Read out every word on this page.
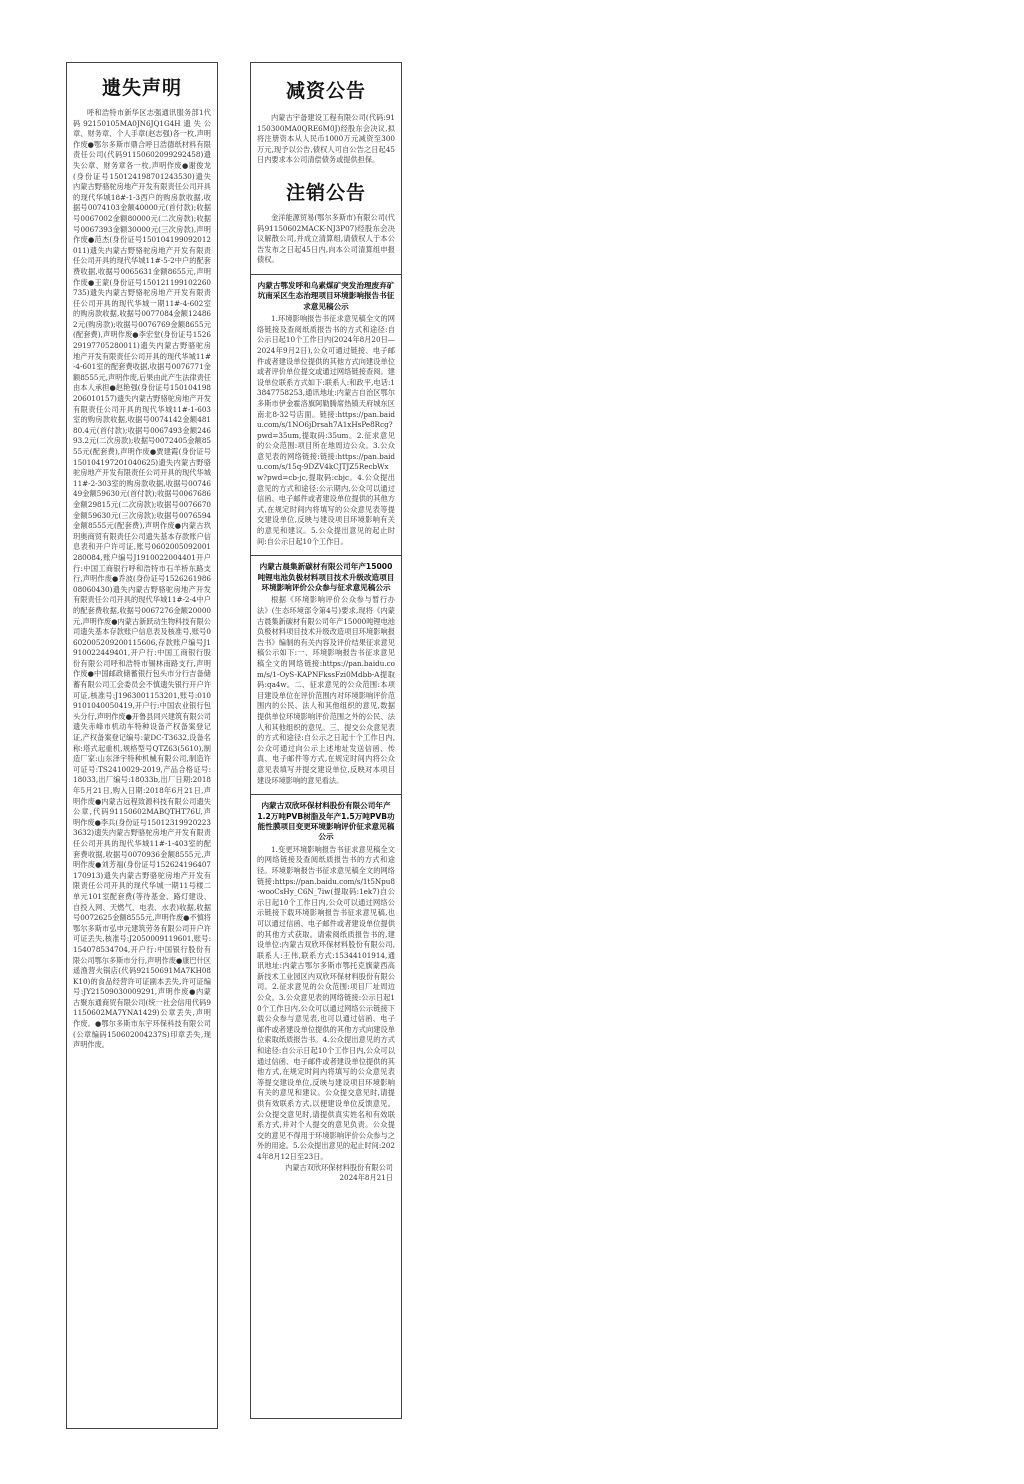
遗失声明

呼和浩特市新华区志强通讯服务部1代码92150105MA0JN6JQ1G4H遗失公章、财务章、个人手章(赵志强)各一枚,声明作废●鄂尔多斯市鼎合呼日浩德纸材料有限责任公司(代码91150602099292458)遗失公章、财务章各一枚,声明作废●谢俊龙(身份证号150124198701243530)遗失内蒙古野骆驼房地产开发有限责任公司开具的现代华城18#-1-3西户的购房款收据,收据号0074103金额40000元(首付款);收据号0067002金额80000元(二次房款);收据号0067393金额30000元(三次房款),声明作废●范杰(身份证号150104199092012011)遗失内蒙古野骆驼房地产开发有限责任公司开具的现代华城11#-5-2中户的配套费收据,收据号0065631金额8655元,声明作废●王蒙(身份证号150121199102260735)遗失内蒙古野骆驼房地产开发有限责任公司开具的现代华城一期11#-4-602室的购房款收据,收据号0077084金额124862元(购房款);收据号0076769金额8655元(配套费),声明作废●李宏堂(身份证号152629197705280011)遗失内蒙古野骆驼房地产开发有限责任公司开具的现代华城11#-4-601室的配套费收据,收据号0076771金额8555元,声明作废,后果由此产生法律责任由本人承担●赵艳强(身份证号150104198206010157)遗失内蒙古野骆驼房地产开发有限责任公司开具的现代华城11#-1-603室的购房款收据,收据号0074142金额48180.4元(首付款);收据号0067493金额24693.2元(二次房款);收据号0072405金额8555元(配套费),声明作废●贾建霞(身份证号150104197201040625)遗失内蒙古野骆驼房地产开发有限责任公司开具的现代华城11#-2-303室的购房款收据,收据号0074649金额59630元(首付款);收据号0067686金额29815元(二次房款);收据号0076670金额59630元(三次房款);收据号0076594金额8555元(配套费),声明作废●内蒙古玖玥奥商贸有限责任公司遗失基本存款账户信息表和开户许可证,账号0602005092001280084,账户编号J1910022004401开户行:中国工商银行呼和浩特市石羊桥东路支行,声明作废●乔波(身份证号152626198608060430)遗失内蒙古野骆驼房地产开发有限责任公司开具的现代华城11#-2-4中户的配套费收据,收据号0067276金额20000元,声明作废●内蒙古新跃动生物科技有限公司遗失基本存款账户信息表及核准号,账号0602005209200115606,存款账户编号J1910022449401,开户行:中国工商银行股份有限公司呼和浩特市锡林南路支行,声明作废●中国邮政储蓄银行包头市分行吉备储蓄有限公司工会委员会不慎遗失银行开户许可证,核准号:J1963001153201,账号:0109101040050419,开户行:中国农业银行包头分行,声明作废●开鲁县同兴建筑有限公司遗失赤峰市机动车特种设备产权备案登记证,产权备案登记编号:蒙DC-T3632,设备名称:塔式起重机,规格型号QTZ63(5610),制造厂家:山东泽宇特种机械有限公司,制造许可证号:TS2410029-2019,产品合格证号:18033,出厂编号:18033b,出厂日期:2018年5月21日,购入日期:2018年6月21日,声明作废●内蒙古远程致源科技有限公司遗失公章,代码91150602MABQTHT76U,声明作废●李兵(身份证号150123199202233632)遗失内蒙古野骆驼房地产开发有限责任公司开具的现代华城11#-1-403室的配套费收据,收据号0070936金额8555元,声明作废●刘芳福(身份证号152624196407170913)遗失内蒙古野骆驼房地产开发有限责任公司开具的现代华城一期11号楼二单元101室配套费(等待基金、路灯建设、自投入网、天燃气、电表、水表)收据,收据号0072625金额8555元,声明作废●不慎将鄂尔多斯市弘申元建筑劳务有限公司开户许可证丢失,核准号:J2050009119601,账号:154078534704,开户行:中国银行股份有限公司鄂尔多斯市分行,声明作废●康巴什区遥渔营火锅店(代码92150691MA7KH08K10)的食品经营许可证副本丢失,许可证编号:JY21509030009291,声明作废●内蒙古聚东通商贸有限公司(统一社会信用代码91150602MA7YNA1429)公章丢失,声明作废。●鄂尔多斯市东宇环保科技有限公司(公章编码150602004237S)印章丢失,现声明作废。

减资公告

内蒙古宇备建设工程有限公司(代码:91150300MA0QRE6M0J)经股东会决议,拟将注册资本从人民币1000万元减资至300万元,现予以公告,债权人可自公告之日起45日内要求本公司清偿债务或提供担保。

注销公告

金洋能源贸易(鄂尔多斯市)有限公司(代码91150602MACK-NJ3P07)经股东会决议解散公司,并成立清算组,请债权人于本公告发布之日起45日内,向本公司清算组申报债权。

内蒙古鄂发呼和乌素煤矿突发治理废弃矿坑南采区生态治理项目环境影响报告书征求意见稿公示

1.环境影响报告书征求意见稿全文的网络链接及查阅纸质报告书的方式和途径:自公示日起10个工作日内(2024年8月20日—2024年9月2日),公众可通过链接、电子邮件或者建设单位提供的其他方式向建设单位或者评价单位提交或通过网络链接查阅。建设单位联系方式如下:联系人:和政平,电话:13847758253,通讯地址:内蒙古自治区鄂尔多斯市伊金霍洛旗阿勒腾席热镇天府城东区南北8-32号店面。链接:https://pan.baidu.com/s/1NO6jDrsah7A1xHsPe8Rcg?pwd=35um,提取码:35um。2.征求意见的公众范围:项目所在地周边公众。3.公众意见表的网络链接:链接:https://pan.baidu.com/s/15q-9DZV4kCJTJZ5RecbWxw?pwd=cb-jc,提取码:cbjc。4.公众提出意见的方式和途径:公示期内,公众可以通过信函、电子邮件或者建设单位提供的其他方式,在规定时间内将填写的公众意见表等提交建设单位,反映与建设项目环境影响有关的意见和建议。5.公众提出意见的起止时间:自公示日起10个工作日。

内蒙古晨集新碳材有限公司年产15000吨锂电池负极材料项目技术升级改造项目环境影响评价公众参与征求意见稿公示

根据《环境影响评价公众参与暂行办法》(生态环境部令第4号)要求,现将《内蒙古晨集新碳材有限公司年产15000吨锂电池负极材料项目技术升级改造项目环境影响报告书》编制的有关内容及评价结果征求意见稿公示如下:一、环境影响报告书征求意见稿全文的网络链接:https://pan.baidu.com/s/1-OyS-KAPNFkssFzi0Mdbb-A提取码:qa4w。二、征求意见的公众范围:本项目建设单位在评价范围内对环境影响评价范围内的公民、法人和其他组织的意见,数据提供单位环境影响评价范围之外的公民、法人和其他组织的意见。三、提交公众意见表的方式和途径:自公示之日起十个工作日内,公众可通过向公示上述地址发送信函、传真、电子邮件等方式,在规定时间内将公众意见表填写并提交建设单位,反映对本项目建设环境影响的意见看法。

内蒙古双欣环保材料股份有限公司年产1.2万吨PVB树脂及年产1.5万吨PVB功能性膜项目变更环境影响评价征求意见稿公示

1.变更环境影响报告书征求意见稿全文的网络链接及查阅纸质报告书的方式和途径。环境影响报告书征求意见稿全文的网络链接:https://pan.baidu.com/s/1t5Npu8-wooCsHy_C6N_7iw(提取码:1ek7)自公示日起10个工作日内,公众可以通过网络公示链接下载环境影响报告书征求意见稿,也可以通过信函、电子邮件或者建设单位提供的其他方式获取。请索阅纸质报告书的,建设单位:内蒙古双欣环保材料股份有限公司,联系人:王伟,联系方式:15344101914,通讯地址:内蒙古鄂尔多斯市鄂托克旗蒙西高新技术工业园区内双欣环保材料股份有限公司。2.征求意见的公众范围:项目厂址周边公众。3.公众意见表的网络链接:公示日起10个工作日内,公众可以通过网络公示链接下载公众参与意见表,也可以通过信函、电子邮件或者建设单位提供的其他方式向建设单位索取纸质报告书。4.公众提出意见的方式和途径:自公示日起10个工作日内,公众可以通过信函、电子邮件或者建设单位提供的其他方式,在规定时间内将填写的公众意见表等提交建设单位,反映与建设项目环境影响有关的意见和建议。公众提交意见时,请提供有效联系方式,以便建设单位反馈意见。公众提交意见时,请提供真实姓名和有效联系方式,并对个人提交的意见负责。公众提交的意见不得用于环境影响评价公众参与之外的用途。5.公众提出意见的起止时间:2024年8月12日至23日。

内蒙古双欣环保材料股份有限公司

2024年8月21日
